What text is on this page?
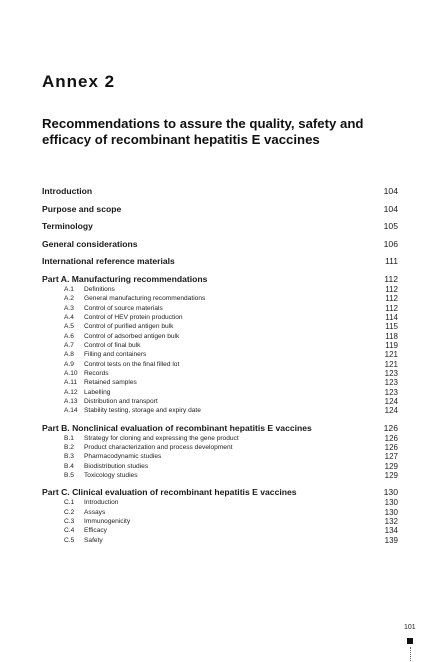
Annex 2
Recommendations to assure the quality, safety and efficacy of recombinant hepatitis E vaccines
Introduction	104
Purpose and scope	104
Terminology	105
General considerations	106
International reference materials	111
Part A. Manufacturing recommendations	112
A.1	Definitions	112
A.2	General manufacturing recommendations	112
A.3	Control of source materials	112
A.4	Control of HEV protein production	114
A.5	Control of purified antigen bulk	115
A.6	Control of adsorbed antigen bulk	118
A.7	Control of final bulk	119
A.8	Filling and containers	121
A.9	Control tests on the final filled lot	121
A.10 Records	123
A.11	Retained samples	123
A.12 Labelling	123
A.13 Distribution and transport	124
A.14 Stability testing, storage and expiry date	124
Part B. Nonclinical evaluation of recombinant hepatitis E vaccines	126
B.1	Strategy for cloning and expressing the gene product	126
B.2	Product characterization and process development	126
B.3	Pharmacodynamic studies	127
B.4	Biodistribution studies	129
B.5	Toxicology studies	129
Part C. Clinical evaluation of recombinant hepatitis E vaccines	130
C.1	Introduction	130
C.2	Assays	130
C.3	Immunogenicity	132
C.4	Efficacy	134
C.5	Safety	139
101
